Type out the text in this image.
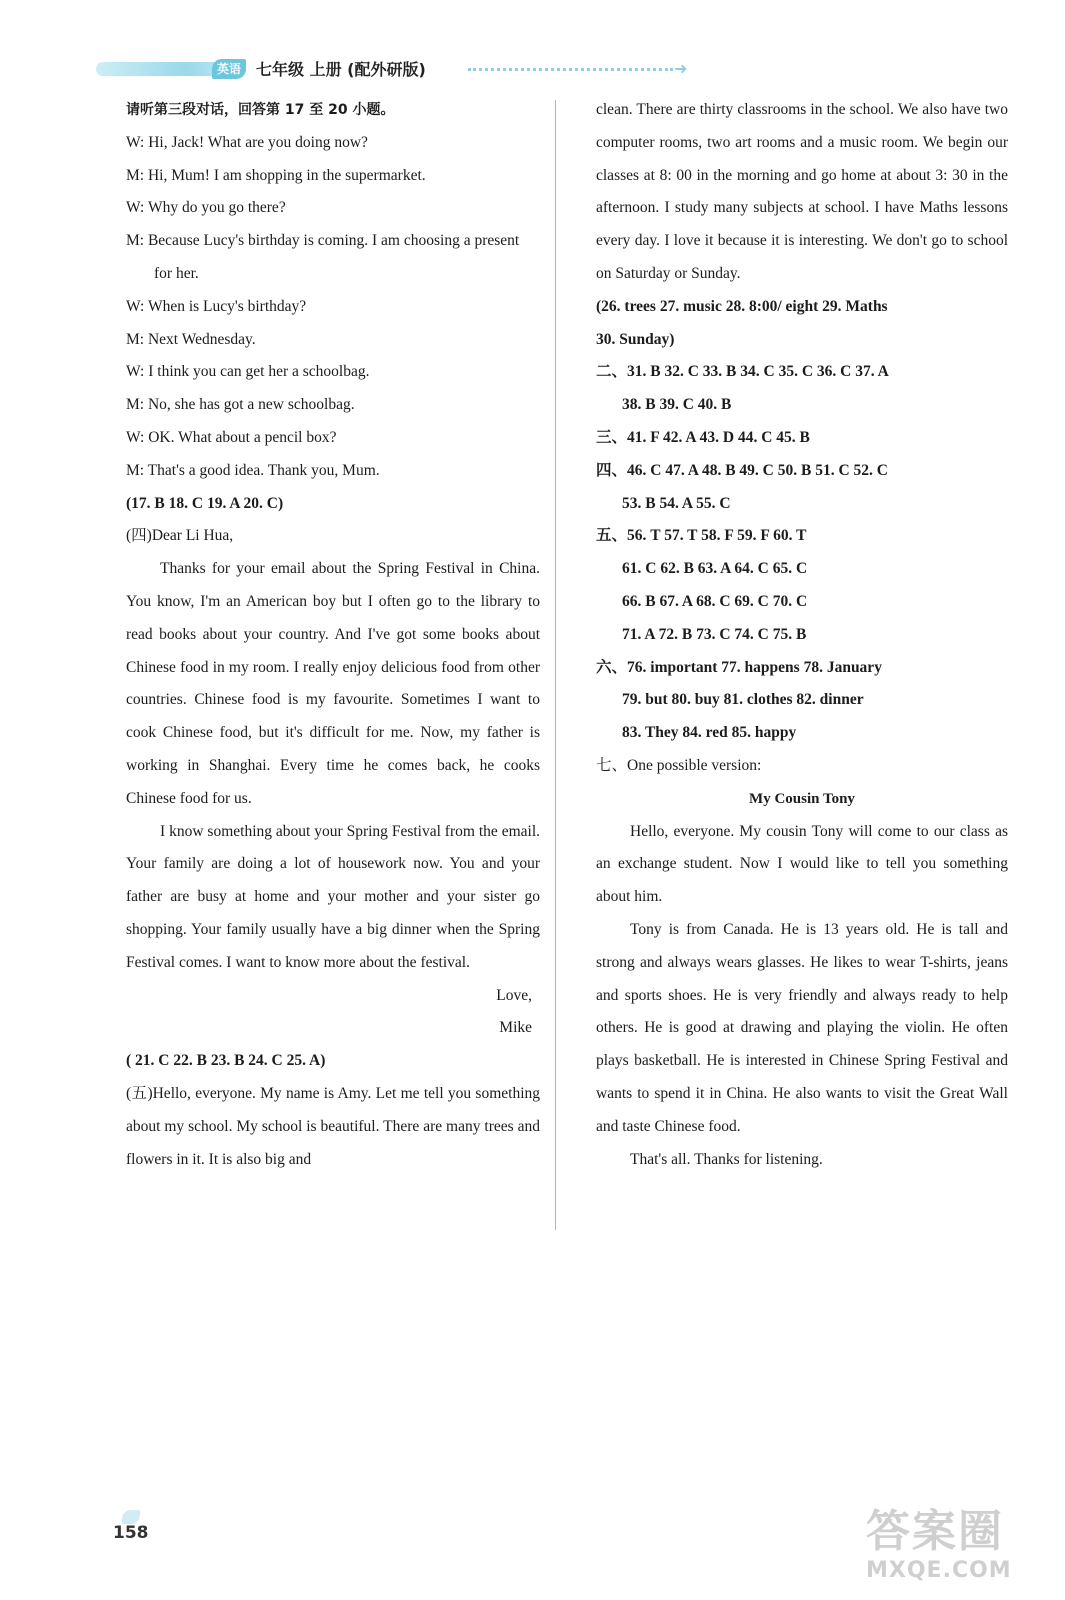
英语 七年级 上册 (配外研版)	➜

请听第三段对话，回答第 17 至 20 小题。

W: Hi, Jack! What are you doing now?

M: Hi, Mum! I am shopping in the supermarket.

W: Why do you go there?

M: Because Lucy's birthday is coming. I am choosing a present for her.

W: When is Lucy's birthday?

M: Next Wednesday.

W: I think you can get her a schoolbag.

M: No, she has got a new schoolbag.

W: OK. What about a pencil box?

M: That's a good idea. Thank you, Mum.

(17. B 18. C 19. A 20. C)

(四)Dear Li Hua,

Thanks for your email about the Spring Festival in China. You know, I'm an American boy but I often go to the library to read books about your country. And I've got some books about Chinese food in my room. I really enjoy delicious food from other countries. Chinese food is my favourite. Sometimes I want to cook Chinese food, but it's difficult for me. Now, my father is working in Shanghai. Every time he comes back, he cooks Chinese food for us.

I know something about your Spring Festival from the email. Your family are doing a lot of housework now. You and your father are busy at home and your mother and your sister go shopping. Your family usually have a big dinner when the Spring Festival comes. I want to know more about the festival.

Love,

Mike

( 21. C 22. B 23. B 24. C 25. A)

(五)Hello, everyone. My name is Amy. Let me tell you something about my school. My school is beautiful. There are many trees and flowers in it. It is also big and

clean. There are thirty classrooms in the school. We also have two computer rooms, two art rooms and a music room. We begin our classes at 8: 00 in the morning and go home at about 3: 30 in the afternoon. I study many subjects at school. I have Maths lessons every day. I love it because it is interesting. We don't go to school on Saturday or Sunday.

(26. trees 27. music 28. 8:00/ eight 29. Maths

30. Sunday)

二、31. B 32. C 33. B 34. C 35. C 36. C 37. A

38. B 39. C 40. B

三、41. F 42. A 43. D 44. C 45. B

四、46. C 47. A 48. B 49. C 50. B 51. C 52. C

53. B 54. A 55. C

五、56. T 57. T 58. F 59. F 60. T

61. C 62. B 63. A 64. C 65. C

66. B 67. A 68. C 69. C 70. C

71. A 72. B 73. C 74. C 75. B

六、76. important 77. happens 78. January

79. but 80. buy 81. clothes 82. dinner

83. They 84. red 85. happy

七、One possible version:

My Cousin Tony

Hello, everyone. My cousin Tony will come to our class as an exchange student. Now I would like to tell you something about him.

Tony is from Canada. He is 13 years old. He is tall and strong and always wears glasses. He likes to wear T-shirts, jeans and sports shoes. He is very friendly and always ready to help others. He is good at drawing and playing the violin. He often plays basketball. He is interested in Chinese Spring Festival and wants to spend it in China. He also wants to visit the Great Wall and taste Chinese food.

That's all. Thanks for listening.

158	答案圈
MXQE.COM
